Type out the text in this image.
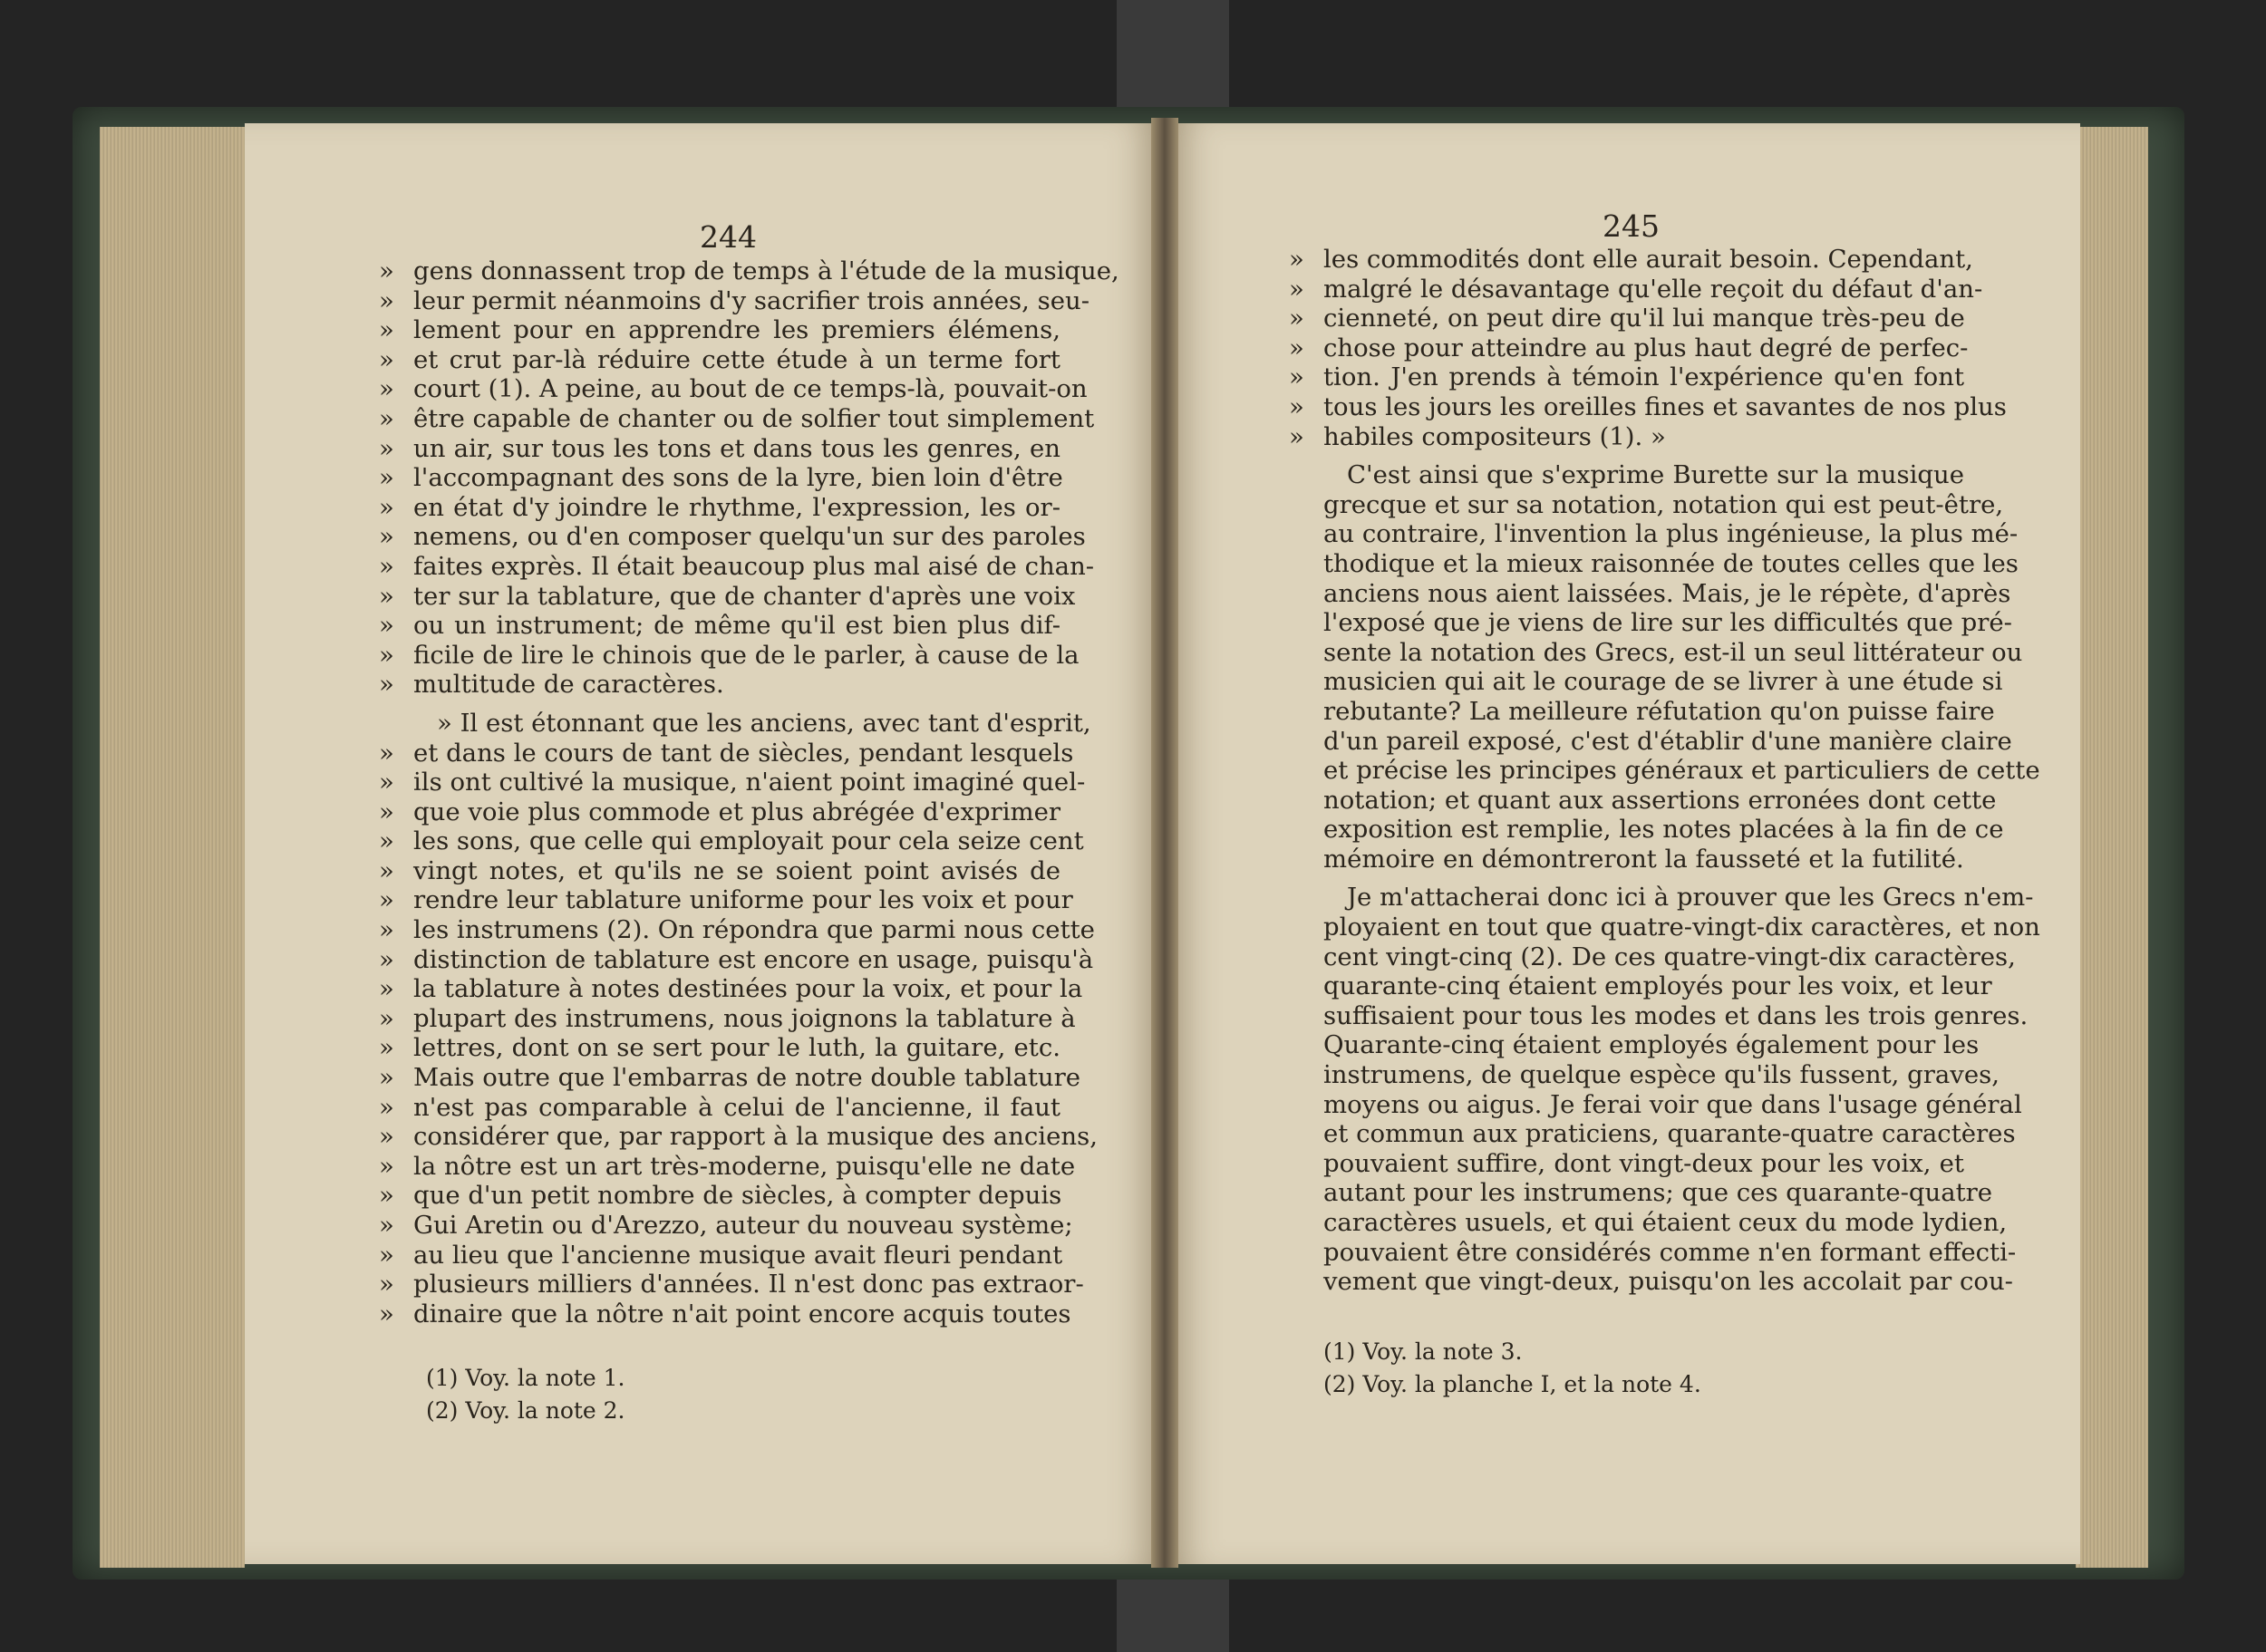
244	245
» gens donnassent trop de temps à l'étude de la musique,
» leur permit néanmoins d'y sacrifier trois années, seu-
» lement pour en apprendre les premiers élémens,
» et crut par-là réduire cette étude à un terme fort
» court (1). A peine, au bout de ce temps-là, pouvait-on
» être capable de chanter ou de solfier tout simplement
» un air, sur tous les tons et dans tous les genres, en
» l'accompagnant des sons de la lyre, bien loin d'être
» en état d'y joindre le rhythme, l'expression, les or-
» nemens, ou d'en composer quelqu'un sur des paroles
» faites exprès. Il était beaucoup plus mal aisé de chan-
» ter sur la tablature, que de chanter d'après une voix
» ou un instrument; de même qu'il est bien plus dif-
» ficile de lire le chinois que de le parler, à cause de la
» multitude de caractères.
» Il est étonnant que les anciens, avec tant d'esprit,
» et dans le cours de tant de siècles, pendant lesquels
» ils ont cultivé la musique, n'aient point imaginé quel-
» que voie plus commode et plus abrégée d'exprimer
» les sons, que celle qui employait pour cela seize cent
» vingt notes, et qu'ils ne se soient point avisés de
» rendre leur tablature uniforme pour les voix et pour
» les instrumens (2). On répondra que parmi nous cette
» distinction de tablature est encore en usage, puisqu'à
» la tablature à notes destinées pour la voix, et pour la
» plupart des instrumens, nous joignons la tablature à
» lettres, dont on se sert pour le luth, la guitare, etc.
» Mais outre que l'embarras de notre double tablature
» n'est pas comparable à celui de l'ancienne, il faut
» considérer que, par rapport à la musique des anciens,
» la nôtre est un art très-moderne, puisqu'elle ne date
» que d'un petit nombre de siècles, à compter depuis
» Gui Aretin ou d'Arezzo, auteur du nouveau système;
» au lieu que l'ancienne musique avait fleuri pendant
» plusieurs milliers d'années. Il n'est donc pas extraor-
» dinaire que la nôtre n'ait point encore acquis toutes
» les commodités dont elle aurait besoin. Cependant,
» malgré le désavantage qu'elle reçoit du défaut d'an-
» cienneté, on peut dire qu'il lui manque très-peu de
» chose pour atteindre au plus haut degré de perfec-
» tion. J'en prends à témoin l'expérience qu'en font
» tous les jours les oreilles fines et savantes de nos plus
» habiles compositeurs (1). »
C'est ainsi que s'exprime Burette sur la musique
grecque et sur sa notation, notation qui est peut-être,
au contraire, l'invention la plus ingénieuse, la plus mé-
thodique et la mieux raisonnée de toutes celles que les
anciens nous aient laissées. Mais, je le répète, d'après
l'exposé que je viens de lire sur les difficultés que pré-
sente la notation des Grecs, est-il un seul littérateur ou
musicien qui ait le courage de se livrer à une étude si
rebutante? La meilleure réfutation qu'on puisse faire
d'un pareil exposé, c'est d'établir d'une manière claire
et précise les principes généraux et particuliers de cette
notation; et quant aux assertions erronées dont cette
exposition est remplie, les notes placées à la fin de ce
mémoire en démontreront la fausseté et la futilité.
Je m'attacherai donc ici à prouver que les Grecs n'em-
ployaient en tout que quatre-vingt-dix caractères, et non
cent vingt-cinq (2). De ces quatre-vingt-dix caractères,
quarante-cinq étaient employés pour les voix, et leur
suffisaient pour tous les modes et dans les trois genres.
Quarante-cinq étaient employés également pour les
instrumens, de quelque espèce qu'ils fussent, graves,
moyens ou aigus. Je ferai voir que dans l'usage général
et commun aux praticiens, quarante-quatre caractères
pouvaient suffire, dont vingt-deux pour les voix, et
autant pour les instrumens; que ces quarante-quatre
caractères usuels, et qui étaient ceux du mode lydien,
pouvaient être considérés comme n'en formant effecti-
vement que vingt-deux, puisqu'on les accolait par cou-
(1) Voy. la note 1.
(2) Voy. la note 2.
(1) Voy. la note 3.
(2) Voy. la planche I, et la note 4.
